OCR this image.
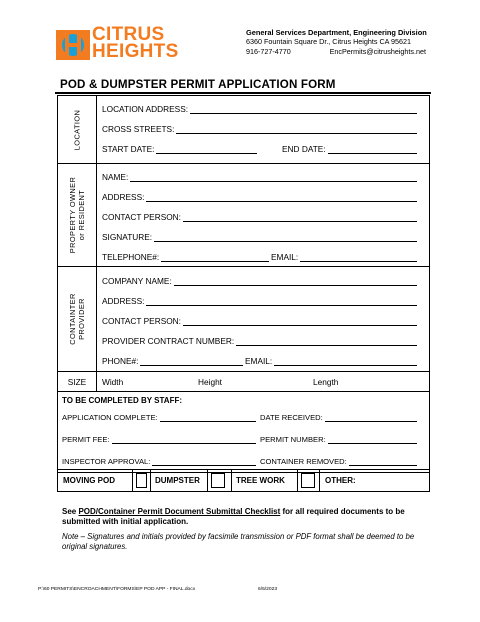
CITRUS
HEIGHTS
General Services Department, Engineering Division
6360 Fountain Square Dr., Citrus Heights CA 95621
916-727-4770	EncPermits@citrusheights.net
POD & DUMPSTER PERMIT APPLICATION FORM
LOCATION
LOCATION ADDRESS:
CROSS STREETS:
START DATE:	END DATE:
PROPERTY OWNER or RESIDENT
NAME:
ADDRESS:
CONTACT PERSON:
SIGNATURE:
TELEPHONE#:	EMAIL:
CONTAINTER PROVIDER
COMPANY NAME:
ADDRESS:
CONTACT PERSON:
PROVIDER CONTRACT NUMBER:
PHONE#:	EMAIL:
SIZE	Width	Height	Length
TO BE COMPLETED BY STAFF:
APPLICATION COMPLETE:	DATE RECEIVED:
PERMIT FEE:	PERMIT NUMBER:
INSPECTOR APPROVAL:	CONTAINER REMOVED:
MOVING POD	DUMPSTER	TREE WORK	OTHER:
See POD/Container Permit Document Submittal Checklist for all required documents to be submitted with initial application.
Note – Signatures and initials provided by facsimile transmission or PDF format shall be deemed to be original signatures.
P:\60 PERMITS\ENCROACHMENT\FORMS\EP POD APP - FINAL.docx	6/5/2023
